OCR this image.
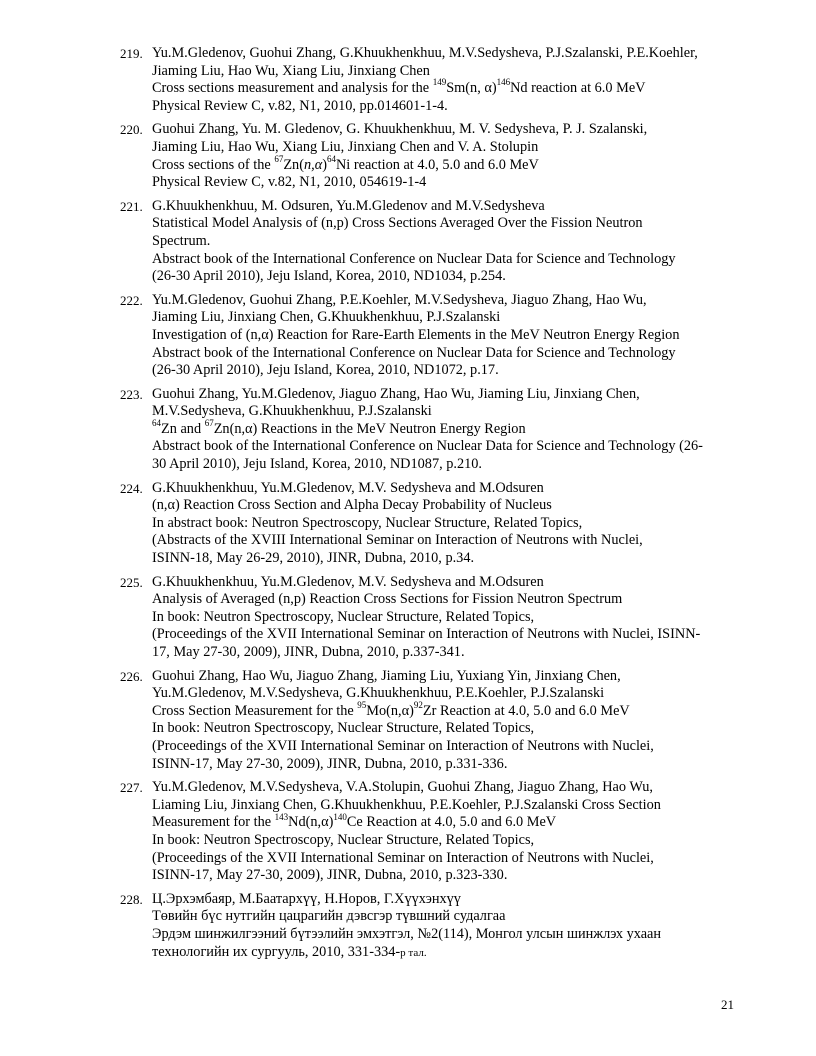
219. Yu.M.Gledenov, Guohui Zhang, G.Khuukhenkhuu, M.V.Sedysheva, P.J.Szalanski, P.E.Koehler,
Jiaming Liu, Hao Wu, Xiang Liu, Jinxiang Chen
Cross sections measurement and analysis for the $^{149}$Sm(n, α)$^{146}$Nd reaction at 6.0 MeV
Physical Review C, v.82, N1, 2010, pp.014601-1-4.
220. Guohui Zhang, Yu. M. Gledenov, G. Khuukhenkhuu, M. V. Sedysheva, P. J. Szalanski,
Jiaming Liu, Hao Wu, Xiang Liu, Jinxiang Chen and V. A. Stolupin
Cross sections of the $^{67}Zn(n,\alpha)^{64}Ni$ reaction at 4.0, 5.0 and 6.0 MeV
Physical Review C, v.82, N1, 2010, 054619-1-4
221. G.Khuukhenkhuu, M. Odsuren, Yu.M.Gledenov and M.V.Sedysheva
Statistical Model Analysis of (n,p) Cross Sections Averaged Over the Fission Neutron
Spectrum.
Abstract book of the International Conference on Nuclear Data for Science and Technology
(26-30 April 2010), Jeju Island, Korea, 2010, ND1034, p.254.
222. Yu.M.Gledenov, Guohui Zhang, P.E.Koehler, M.V.Sedysheva, Jiaguo Zhang, Hao Wu,
Jiaming Liu, Jinxiang Chen, G.Khuukhenkhuu, P.J.Szalanski
Investigation of (n,α) Reaction for Rare-Earth Elements in the MeV Neutron Energy Region
Abstract book of the International Conference on Nuclear Data for Science and Technology
(26-30 April 2010), Jeju Island, Korea, 2010, ND1072, p.17.
223. Guohui Zhang, Yu.M.Gledenov, Jiaguo Zhang, Hao Wu, Jiaming Liu, Jinxiang Chen,
M.V.Sedysheva, G.Khuukhenkhuu, P.J.Szalanski
$^{64}$Zn and $^{67}$Zn(n,α) Reactions in the MeV Neutron Energy Region
Abstract book of the International Conference on Nuclear Data for Science and Technology (26-
30 April 2010), Jeju Island, Korea, 2010, ND1087, p.210.
224. G.Khuukhenkhuu, Yu.M.Gledenov, M.V. Sedysheva and M.Odsuren
(n,α) Reaction Cross Section and Alpha Decay Probability of Nucleus
In abstract book: Neutron Spectroscopy, Nuclear Structure, Related Topics,
(Abstracts of the XVIII International Seminar on Interaction of Neutrons with Nuclei,
ISINN-18, May 26-29, 2010), JINR, Dubna, 2010, p.34.
225. G.Khuukhenkhuu, Yu.M.Gledenov, M.V. Sedysheva and M.Odsuren
Analysis of Averaged (n,p) Reaction Cross Sections for Fission Neutron Spectrum
In book: Neutron Spectroscopy, Nuclear Structure, Related Topics,
(Proceedings of the XVII International Seminar on Interaction of Neutrons with Nuclei, ISINN-
17, May 27-30, 2009), JINR, Dubna, 2010, p.337-341.
226. Guohui Zhang, Hao Wu, Jiaguo Zhang, Jiaming Liu, Yuxiang Yin, Jinxiang Chen,
Yu.M.Gledenov, M.V.Sedysheva, G.Khuukhenkhuu, P.E.Koehler, P.J.Szalanski
Cross Section Measurement for the $^{95}Mo(n,\alpha)^{92}Zr$ Reaction at 4.0, 5.0 and 6.0 MeV
In book: Neutron Spectroscopy, Nuclear Structure, Related Topics,
(Proceedings of the XVII International Seminar on Interaction of Neutrons with Nuclei,
ISINN-17, May 27-30, 2009), JINR, Dubna, 2010, p.331-336.
227. Yu.M.Gledenov, M.V.Sedysheva, V.A.Stolupin, Guohui Zhang, Jiaguo Zhang, Hao Wu,
Liaming Liu, Jinxiang Chen, G.Khuukhenkhuu, P.E.Koehler, P.J.Szalanski Cross Section
Measurement for the $^{143}Nd(n,\alpha)^{140}Ce$ Reaction at 4.0, 5.0 and 6.0 MeV
In book: Neutron Spectroscopy, Nuclear Structure, Related Topics,
(Proceedings of the XVII International Seminar on Interaction of Neutrons with Nuclei,
ISINN-17, May 27-30, 2009), JINR, Dubna, 2010, p.323-330.
228. Ц.Эрхэмбаяр, М.Баатархүү, Н.Норов, Г.Хүүхэнхүү
Төвийн бүс нутгийн цацрагийн дэвсгэр түвшний судалгаа
Эрдэм шинжилгээний бүтээлийн эмхэтгэл, №2(114), Монгол улсын шинжлэх ухаан
технологийн их сургууль, 2010, 331-334-р тал.
21
